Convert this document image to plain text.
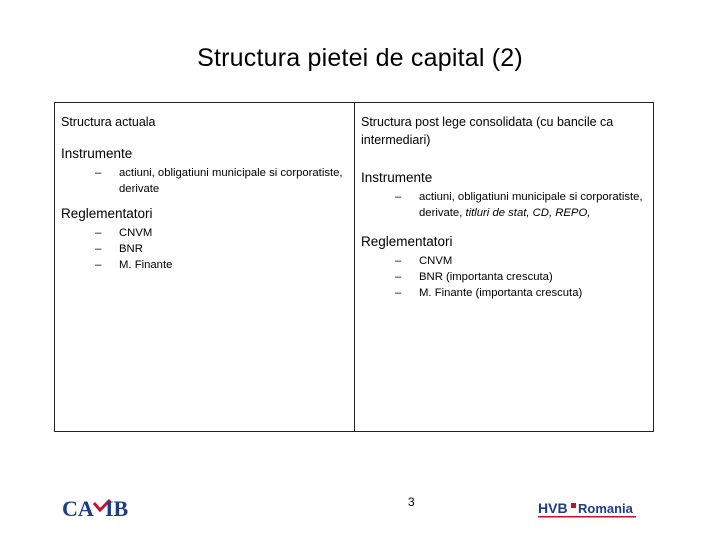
Structura pietei de capital (2)
Structura actuala
Instrumente
– actiuni, obligatiuni municipale si corporatiste, derivate
Reglementatori
– CNVM
– BNR
– M. Finante
Structura post lege consolidata (cu bancile ca intermediari)
Instrumente
– actiuni, obligatiuni municipale si corporatiste, derivate, titluri de stat, CD, REPO,
Reglementatori
– CNVM
– BNR (importanta crescuta)
– M. Finante (importanta crescuta)
CA IB	3	HVB Romania
